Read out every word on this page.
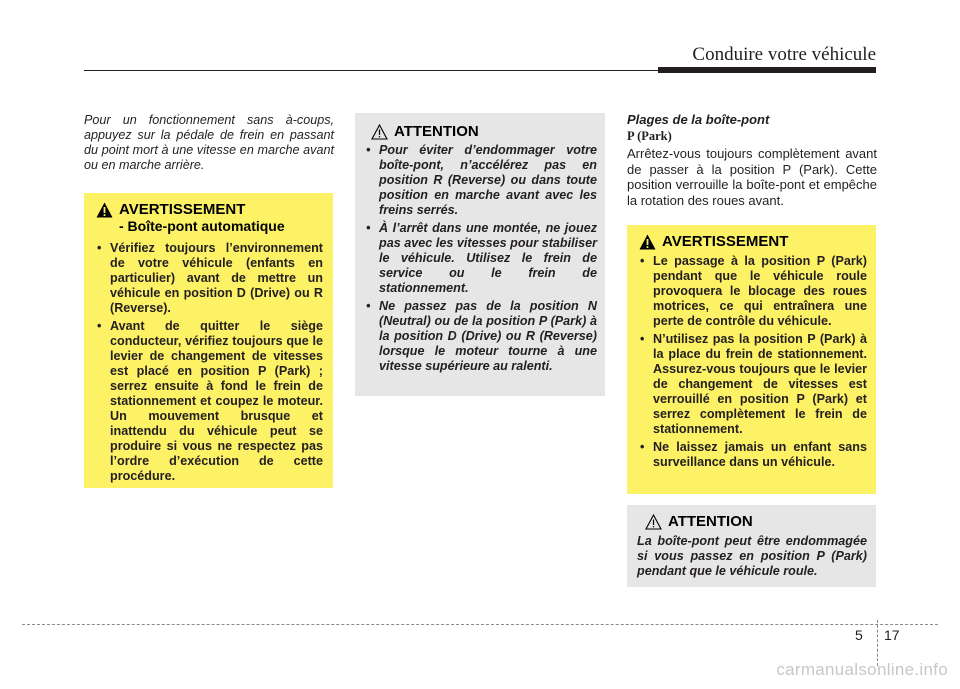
Conduire votre véhicule
Pour un fonctionnement sans à-coups, appuyez sur la pédale de frein en passant du point mort à une vitesse en marche avant ou en marche arrière.
AVERTISSEMENT
- Boîte-pont automatique
• Vérifiez toujours l’environnement de votre véhicule (enfants en particulier) avant de mettre un véhicule en position D (Drive) ou R (Reverse).
• Avant de quitter le siège conducteur, vérifiez toujours que le levier de changement de vitesses est placé en position P (Park) ; serrez ensuite à fond le frein de stationnement et coupez le moteur. Un mouvement brusque et inattendu du véhicule peut se produire si vous ne respectez pas l’ordre d’exécution de cette procédure.
ATTENTION
• Pour éviter d’endommager votre boîte-pont, n’accélérez pas en position R (Reverse) ou dans toute position en marche avant avec les freins serrés.
• À l’arrêt dans une montée, ne jouez pas avec les vitesses pour stabiliser le véhicule. Utilisez le frein de service ou le frein de stationnement.
• Ne passez pas de la position N (Neutral) ou de la position P (Park) à la position D (Drive) ou R (Reverse) lorsque le moteur tourne à une vitesse supérieure au ralenti.
Plages de la boîte-pont
P (Park)
Arrêtez-vous toujours complètement avant de passer à la position P (Park). Cette position verrouille la boîte-pont et empêche la rotation des roues avant.
AVERTISSEMENT
• Le passage à la position P (Park) pendant que le véhicule roule provoquera le blocage des roues motrices, ce qui entraînera une perte de contrôle du véhicule.
• N’utilisez pas la position P (Park) à la place du frein de stationnement. Assurez-vous toujours que le levier de changement de vitesses est verrouillé en position P (Park) et serrez complètement le frein de stationnement.
• Ne laissez jamais un enfant sans surveillance dans un véhicule.
ATTENTION
La boîte-pont peut être endommagée si vous passez en position P (Park) pendant que le véhicule roule.
5 17
carmanualsonline.info
